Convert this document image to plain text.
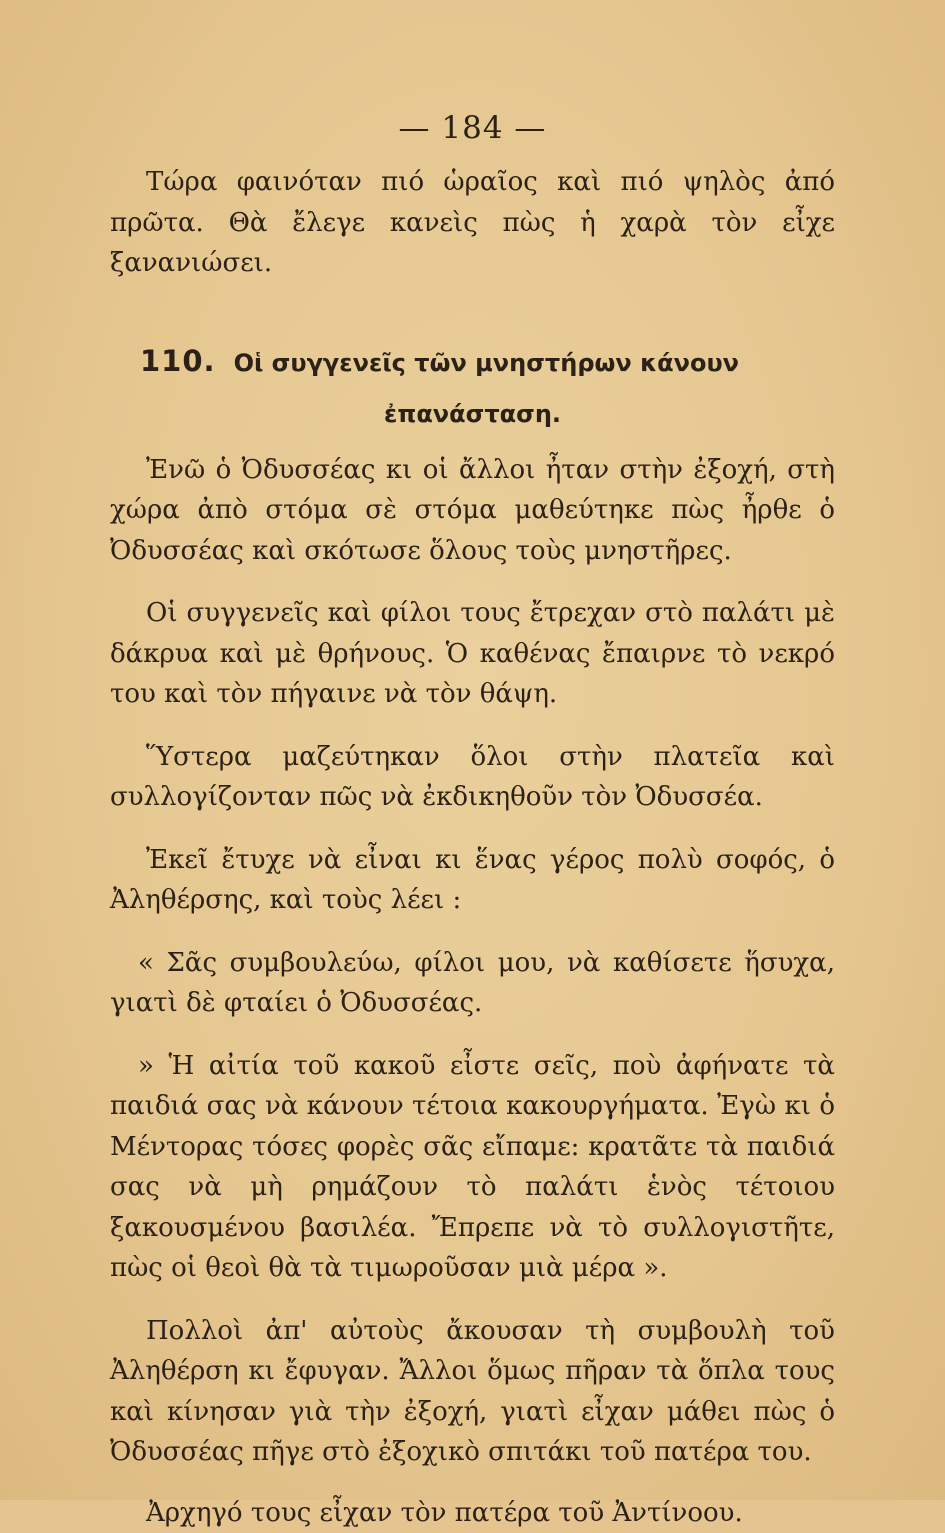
— 184 —

Τώρα φαινόταν πιό ὡραῖος καὶ πιό ψηλὸς ἀπό πρῶτα. Θὰ ἔλεγε κανεὶς πὼς ἡ χαρὰ τὸν εἶχε ξανανιώσει.

110. Οἱ συγγενεῖς τῶν μνηστήρων κάνουν

ἐπανάσταση.

Ἐνῶ ὁ Ὀδυσσέας κι οἱ ἄλλοι ἦταν στὴν ἐξοχή, στὴ χώρα ἀπὸ στόμα σὲ στόμα μαθεύτηκε πὼς ἦρθε ὁ Ὀδυσσέας καὶ σκότωσε ὅλους τοὺς μνηστῆρες.

Οἱ συγγενεῖς καὶ φίλοι τους ἔτρεχαν στὸ παλάτι μὲ δάκρυα καὶ μὲ θρήνους. Ὁ καθένας ἔπαιρνε τὸ νεκρό του καὶ τὸν πήγαινε νὰ τὸν θάψη.

Ὕστερα μαζεύτηκαν ὅλοι στὴν πλατεῖα καὶ συλλογίζονταν πῶς νὰ ἐκδικηθοῦν τὸν Ὀδυσσέα.

Ἐκεῖ ἔτυχε νὰ εἶναι κι ἕνας γέρος πολὺ σοφός, ὁ Ἀληθέρσης, καὶ τοὺς λέει :

« Σᾶς συμβουλεύω, φίλοι μου, νὰ καθίσετε ἥσυχα, γιατὶ δὲ φταίει ὁ Ὀδυσσέας.

» Ἡ αἰτία τοῦ κακοῦ εἶστε σεῖς, ποὺ ἀφήνατε τὰ παιδιά σας νὰ κάνουν τέτοια κακουργήματα. Ἐγὼ κι ὁ Μέντορας τόσες φορὲς σᾶς εἴπαμε: κρατᾶτε τὰ παιδιά σας νὰ μὴ ρημάζουν τὸ παλάτι ἑνὸς τέτοιου ξακουσμένου βασιλέα. Ἔπρεπε νὰ τὸ συλλογιστῆτε, πὼς οἱ θεοὶ θὰ τὰ τιμωροῦσαν μιὰ μέρα ».

Πολλοὶ ἀπ' αὐτοὺς ἄκουσαν τὴ συμβουλὴ τοῦ Ἀληθέρση κι ἔφυγαν. Ἄλλοι ὅμως πῆραν τὰ ὅπλα τους καὶ κίνησαν γιὰ τὴν ἐξοχή, γιατὶ εἶχαν μάθει πὼς ὁ Ὀδυσσέας πῆγε στὸ ἐξοχικὸ σπιτάκι τοῦ πατέρα του.

Ἀρχηγό τους εἶχαν τὸν πατέρα τοῦ Ἀντίνοου.
